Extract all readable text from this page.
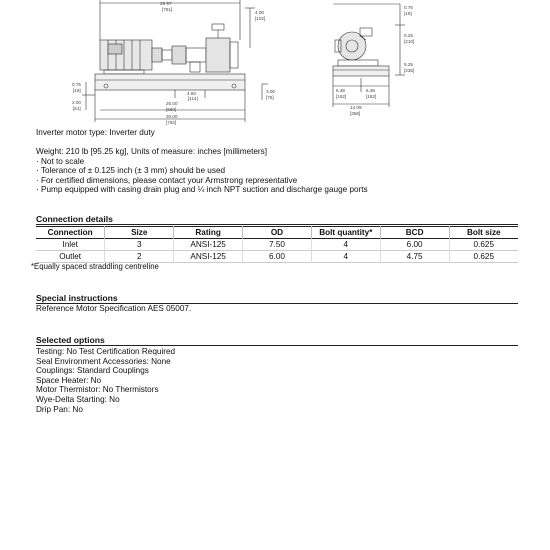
29.97
[761]
4.00
[102]
0.75
[19]
2.00
[51]
4.50
[114]
26.00
[660]
30.00
[762]
3.00
[76]
0.75
[19]
0.25
[210]
9.25
[235]
6.38
[162]
6.38
[162]
14.09
[358]
Inverter motor type: Inverter duty
Weight: 210 lb [95.25 kg], Units of measure: inches [millimeters]
· Not to scale
· Tolerance of ± 0.125 inch (± 3 mm) should be used
· For certified dimensions, please contact your Armstrong representative
· Pump equipped with casing drain plug and ¼ inch NPT suction and discharge gauge ports
Connection details
Connection	Size	Rating	OD	Bolt quantity*	BCD	Bolt size
Inlet	3	ANSI-125	7.50	4	6.00	0.625
Outlet	2	ANSI-125	6.00	4	4.75	0.625
*Equally spaced straddling centreline
Special instructions
Reference Motor Specification AES 05007.
Selected options
Testing: No Test Certification Required
Seal Environment Accessories: None
Couplings: Standard Couplings
Space Heater: No
Motor Thermistor: No Thermistors
Wye-Delta Starting: No
Drip Pan: No
